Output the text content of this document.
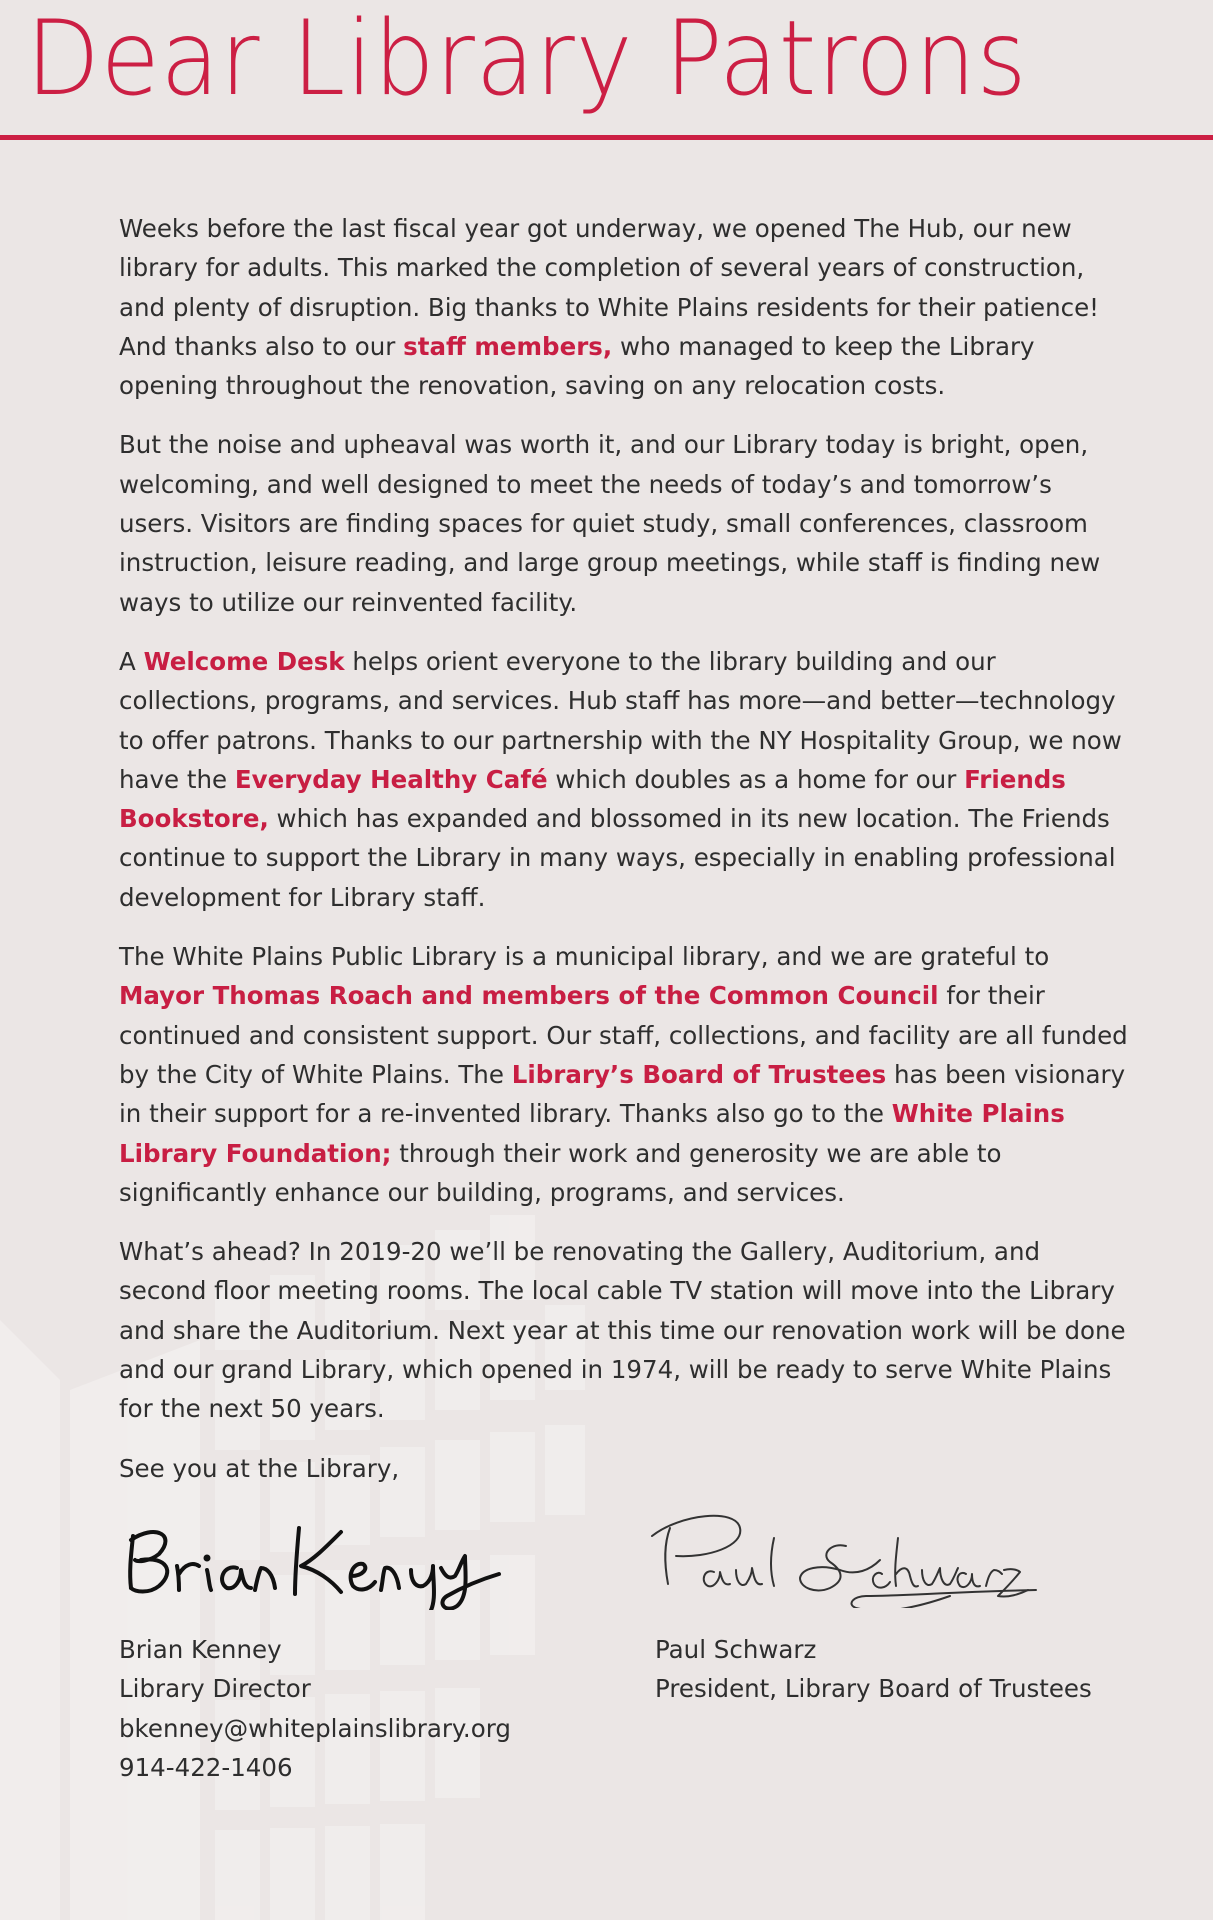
Dear Library Patrons

Weeks before the last fiscal year got underway, we opened The Hub, our new library for adults. This marked the completion of several years of construction, and plenty of disruption. Big thanks to White Plains residents for their patience! And thanks also to our staff members, who managed to keep the Library opening throughout the renovation, saving on any relocation costs.

But the noise and upheaval was worth it, and our Library today is bright, open, welcoming, and well designed to meet the needs of today’s and tomorrow’s users. Visitors are finding spaces for quiet study, small conferences, classroom instruction, leisure reading, and large group meetings, while staff is finding new ways to utilize our reinvented facility.

A Welcome Desk helps orient everyone to the library building and our collections, programs, and services. Hub staff has more—and better—technology to offer patrons. Thanks to our partnership with the NY Hospitality Group, we now have the Everyday Healthy Café which doubles as a home for our Friends Bookstore, which has expanded and blossomed in its new location. The Friends continue to support the Library in many ways, especially in enabling professional development for Library staff.

The White Plains Public Library is a municipal library, and we are grateful to Mayor Thomas Roach and members of the Common Council for their continued and consistent support. Our staff, collections, and facility are all funded by the City of White Plains. The Library’s Board of Trustees has been visionary in their support for a re-invented library. Thanks also go to the White Plains Library Foundation; through their work and generosity we are able to significantly enhance our building, programs, and services.

What’s ahead? In 2019-20 we’ll be renovating the Gallery, Auditorium, and second floor meeting rooms. The local cable TV station will move into the Library and share the Auditorium. Next year at this time our renovation work will be done and our grand Library, which opened in 1974, will be ready to serve White Plains for the next 50 years.

See you at the Library,

Brian Kenney
Library Director
bkenney@whiteplainslibrary.org
914-422-1406
Paul Schwarz
President, Library Board of Trustees
